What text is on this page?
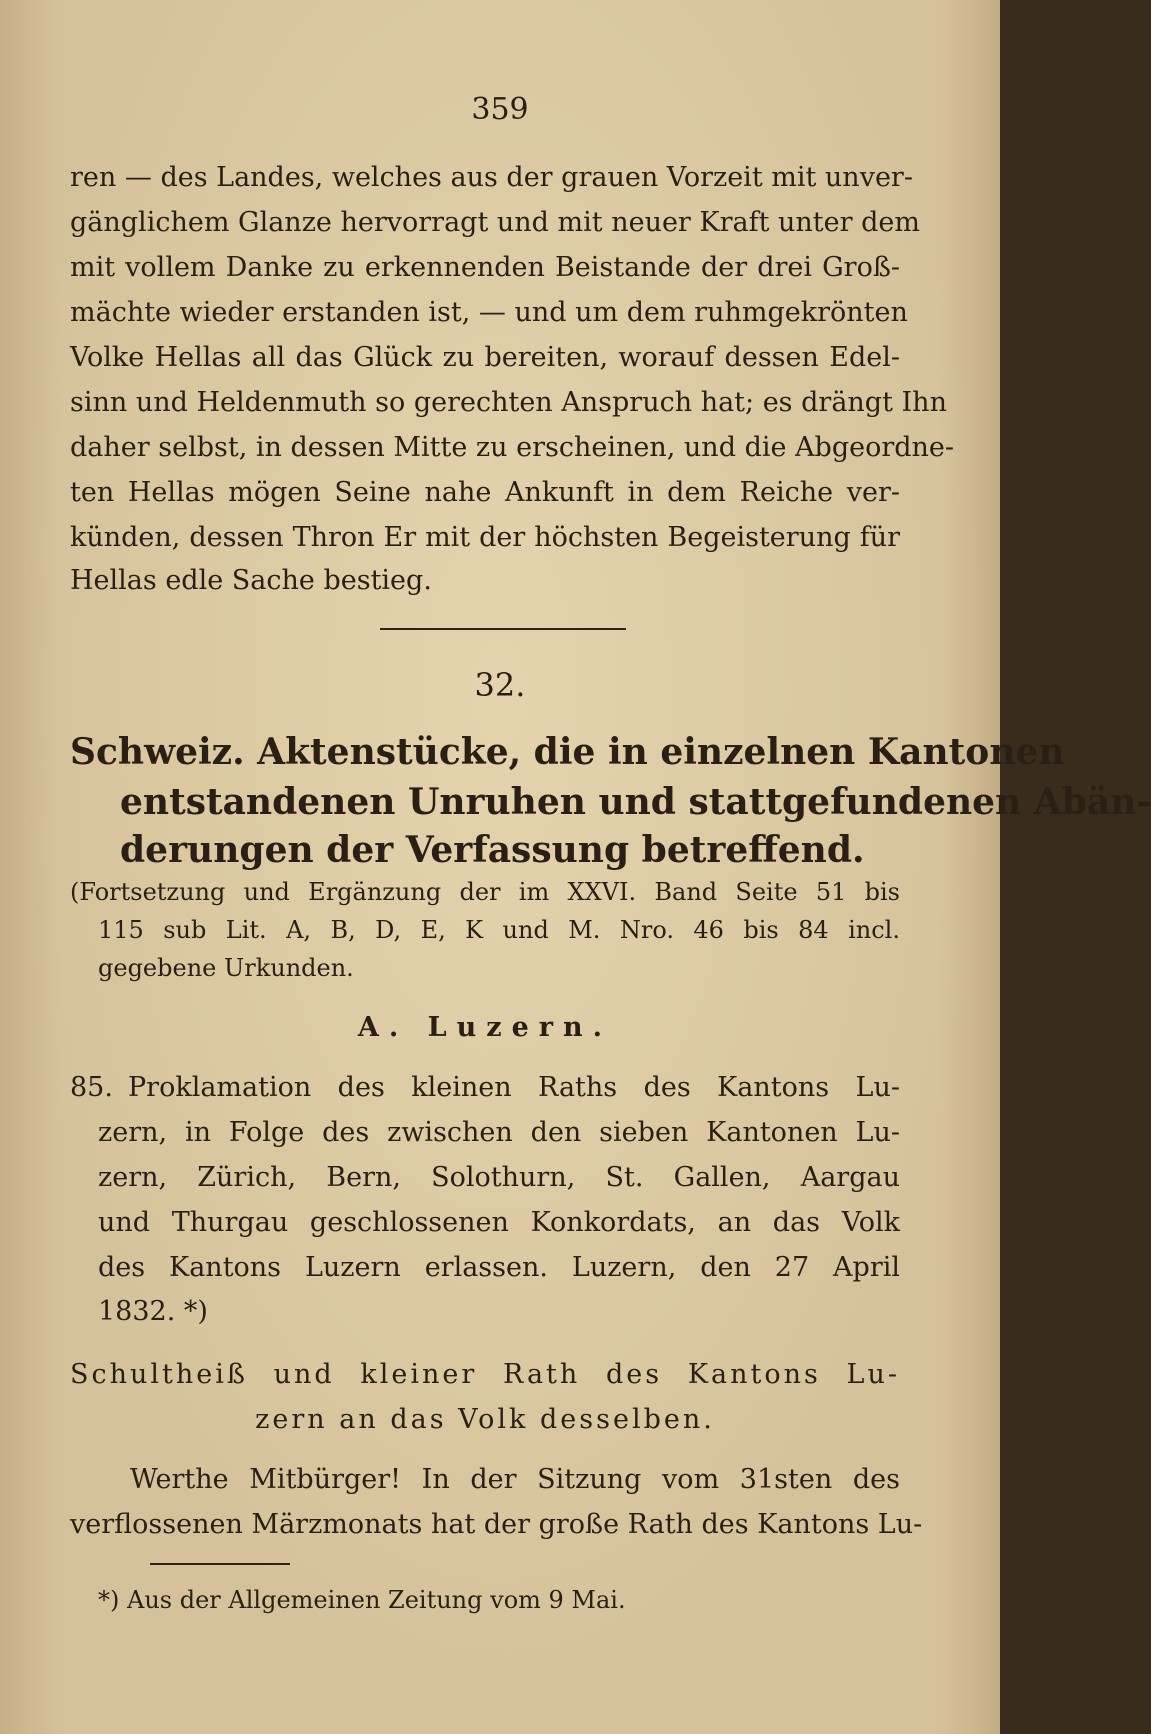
359
ren — des Landes, welches aus der grauen Vorzeit mit unver-
gänglichem Glanze hervorragt und mit neuer Kraft unter dem
mit vollem Danke zu erkennenden Beistande der drei Groß-
mächte wieder erstanden ist, — und um dem ruhmgekrönten
Volke Hellas all das Glück zu bereiten, worauf dessen Edel-
sinn und Heldenmuth so gerechten Anspruch hat; es drängt Ihn
daher selbst, in dessen Mitte zu erscheinen, und die Abgeordne-
ten Hellas mögen Seine nahe Ankunft in dem Reiche ver-
künden, dessen Thron Er mit der höchsten Begeisterung für
Hellas edle Sache bestieg.
32.
Schweiz. Aktenstücke, die in einzelnen Kantonen
entstandenen Unruhen und stattgefundenen Abän-
derungen der Verfassung betreffend.
(Fortsetzung und Ergänzung der im XXVI. Band Seite 51 bis
115 sub Lit. A, B, D, E, K und M. Nro. 46 bis 84 incl.
gegebene Urkunden.
A. Luzern.
85. Proklamation des kleinen Raths des Kantons Lu-
zern, in Folge des zwischen den sieben Kantonen Lu-
zern, Zürich, Bern, Solothurn, St. Gallen, Aargau
und Thurgau geschlossenen Konkordats, an das Volk
des Kantons Luzern erlassen. Luzern, den 27 April
1832. *)
Schultheiß und kleiner Rath des Kantons Lu-
zern an das Volk desselben.
Werthe Mitbürger! In der Sitzung vom 31sten des
verflossenen Märzmonats hat der große Rath des Kantons Lu-
*) Aus der Allgemeinen Zeitung vom 9 Mai.
